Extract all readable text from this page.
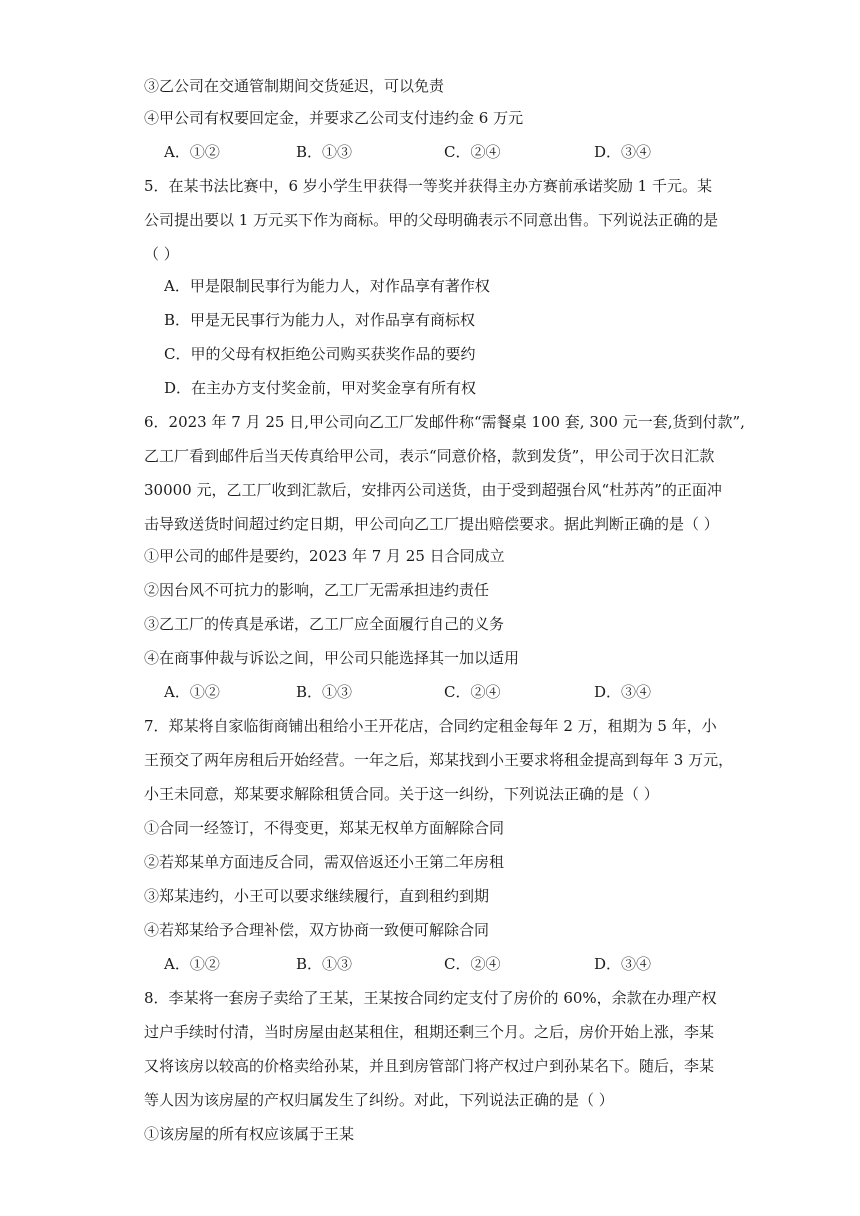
③乙公司在交通管制期间交货延迟，可以免责
④甲公司有权要回定金，并要求乙公司支付违约金 6 万元
A．①②	B．①③	C．②④	D．③④
5．在某书法比赛中，6 岁小学生甲获得一等奖并获得主办方赛前承诺奖励 1 千元。某
公司提出要以 1 万元买下作为商标。甲的父母明确表示不同意出售。下列说法正确的是
（ ）
A．甲是限制民事行为能力人，对作品享有著作权
B．甲是无民事行为能力人，对作品享有商标权
C．甲的父母有权拒绝公司购买获奖作品的要约
D．在主办方支付奖金前，甲对奖金享有所有权
6．2023 年 7 月 25 日,甲公司向乙工厂发邮件称“需餐桌 100 套, 300 元一套,货到付款”,
乙工厂看到邮件后当天传真给甲公司，表示“同意价格，款到发货”，甲公司于次日汇款
30000 元，乙工厂收到汇款后，安排丙公司送货，由于受到超强台风“杜苏芮”的正面冲
击导致送货时间超过约定日期，甲公司向乙工厂提出赔偿要求。据此判断正确的是（ ）
①甲公司的邮件是要约，2023 年 7 月 25 日合同成立
②因台风不可抗力的影响，乙工厂无需承担违约责任
③乙工厂的传真是承诺，乙工厂应全面履行自己的义务
④在商事仲裁与诉讼之间，甲公司只能选择其一加以适用
A．①②	B．①③	C．②④	D．③④
7．郑某将自家临街商铺出租给小王开花店，合同约定租金每年 2 万，租期为 5 年，小
王预交了两年房租后开始经营。一年之后，郑某找到小王要求将租金提高到每年 3 万元，
小王未同意，郑某要求解除租赁合同。关于这一纠纷，下列说法正确的是（ ）
①合同一经签订，不得变更，郑某无权单方面解除合同
②若郑某单方面违反合同，需双倍返还小王第二年房租
③郑某违约，小王可以要求继续履行，直到租约到期
④若郑某给予合理补偿，双方协商一致便可解除合同
A．①②	B．①③	C．②④	D．③④
8．李某将一套房子卖给了王某，王某按合同约定支付了房价的 60%，余款在办理产权
过户手续时付清，当时房屋由赵某租住，租期还剩三个月。之后，房价开始上涨，李某
又将该房以较高的价格卖给孙某，并且到房管部门将产权过户到孙某名下。随后，李某
等人因为该房屋的产权归属发生了纠纷。对此，下列说法正确的是（ ）
①该房屋的所有权应该属于王某
